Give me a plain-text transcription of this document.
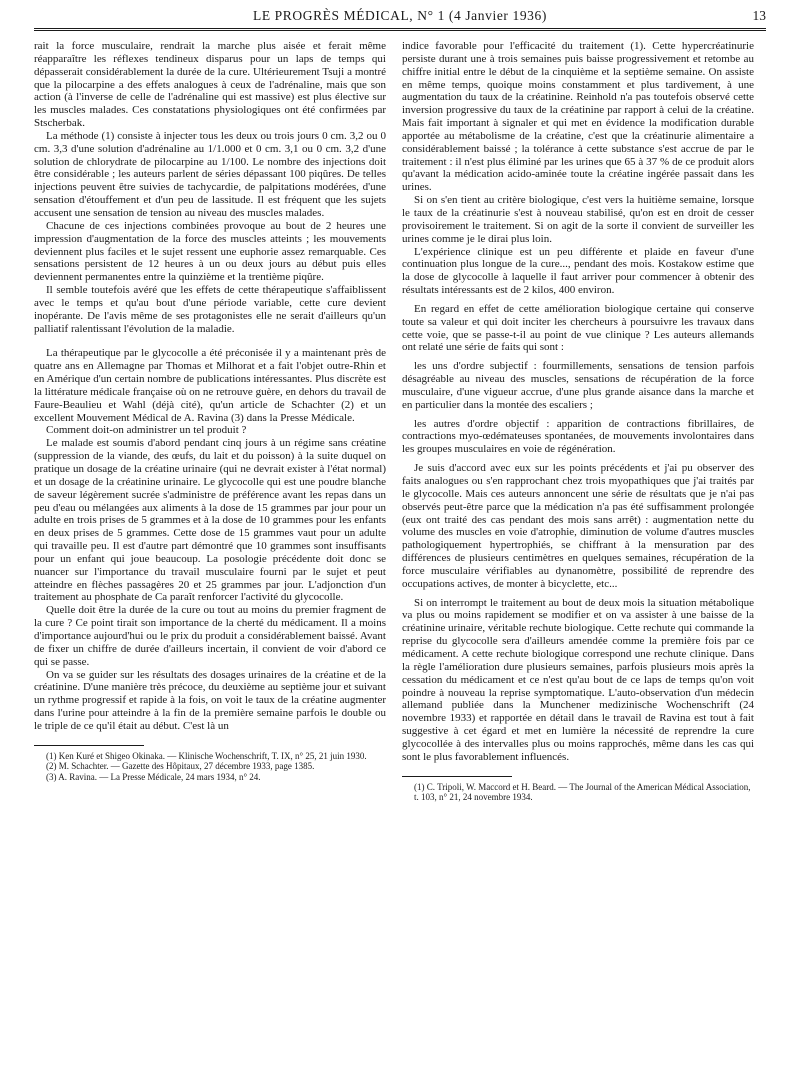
LE PROGRÈS MÉDICAL, N° 1 (4 Janvier 1936)	13

rait la force musculaire, rendrait la marche plus aisée et ferait même réapparaître les réflexes tendineux disparus pour un laps de temps qui dépasserait considérablement la durée de la cure. Ultérieurement Tsuji a montré que la pilocarpine a des effets analogues à ceux de l'adrénaline, mais que son action (à l'inverse de celle de l'adrénaline qui est massive) est plus élective sur les muscles malades. Ces constatations physiologiques ont été confirmées par Stscherbak.

La méthode (1) consiste à injecter tous les deux ou trois jours 0 cm. 3,2 ou 0 cm. 3,3 d'une solution d'adrénaline au 1/1.000 et 0 cm. 3,1 ou 0 cm. 3,2 d'une solution de chlorydrate de pilocarpine au 1/100. Le nombre des injections doit être considérable ; les auteurs parlent de séries dépassant 100 piqûres. De telles injections peuvent être suivies de tachycardie, de palpitations modérées, d'une sensation d'étouffement et d'un peu de lassitude. Il est fréquent que les sujets accusent une sensation de tension au niveau des muscles malades.

Chacune de ces injections combinées provoque au bout de 2 heures une impression d'augmentation de la force des muscles atteints ; les mouvements deviennent plus faciles et le sujet ressent une euphorie assez remarquable. Ces sensations persistent de 12 heures à un ou deux jours au début puis elles deviennent permanentes entre la quinzième et la trentième piqûre.

Il semble toutefois avéré que les effets de cette thérapeutique s'affaiblissent avec le temps et qu'au bout d'une période variable, cette cure devient inopérante. De l'avis même de ses protagonistes elle ne serait d'ailleurs qu'un palliatif ralentissant l'évolution de la maladie.

La thérapeutique par le glycocolle a été préconisée il y a maintenant près de quatre ans en Allemagne par Thomas et Milhorat et a fait l'objet outre-Rhin et en Amérique d'un certain nombre de publications intéressantes. Plus discrète est la littérature médicale française où on ne retrouve guère, en dehors du travail de Faure-Beaulieu et Wahl (déjà cité), qu'un article de Schachter (2) et un excellent Mouvement Médical de A. Ravina (3) dans la Presse Médicale.

Comment doit-on administrer un tel produit ?

Le malade est soumis d'abord pendant cinq jours à un régime sans créatine (suppression de la viande, des œufs, du lait et du poisson) à la suite duquel on pratique un dosage de la créatine urinaire (qui ne devrait exister à l'état normal) et un dosage de la créatinine urinaire. Le glycocolle qui est une poudre blanche de saveur légèrement sucrée s'administre de préférence avant les repas dans un peu d'eau ou mélangées aux aliments à la dose de 15 grammes par jour pour un adulte en trois prises de 5 grammes et à la dose de 10 grammes pour les enfants en deux prises de 5 grammes. Cette dose de 15 grammes vaut pour un adulte qui travaille peu. Il est d'autre part démontré que 10 grammes sont insuffisants pour un enfant qui joue beaucoup. La posologie précédente doit donc se nuancer sur l'importance du travail musculaire fourni par le sujet et peut atteindre en flèches passagères 20 et 25 grammes par jour. L'adjonction d'un traitement au phosphate de Ca paraît renforcer l'activité du glycocolle.

Quelle doit être la durée de la cure ou tout au moins du premier fragment de la cure ? Ce point tirait son importance de la cherté du médicament. Il a moins d'importance aujourd'hui ou le prix du produit a considérablement baissé. Avant de fixer un chiffre de durée d'ailleurs incertain, il convient de voir d'abord ce qui se passe.

On va se guider sur les résultats des dosages urinaires de la créatine et de la créatinine. D'une manière très précoce, du deuxième au septième jour et suivant un rythme progressif et rapide à la fois, on voit le taux de la créatine augmenter dans l'urine pour atteindre à la fin de la première semaine parfois le double ou le triple de ce qu'il était au début. C'est là un

(1) Ken Kuré et Shigeo Okinaka. — Klinische Wochenschrift, T. IX, n° 25, 21 juin 1930.

(2) M. Schachter. — Gazette des Hôpitaux, 27 décembre 1933, page 1385.

(3) A. Ravina. — La Presse Médicale, 24 mars 1934, n° 24.

indice favorable pour l'efficacité du traitement (1). Cette hypercréatinurie persiste durant une à trois semaines puis baisse progressivement et retombe au chiffre initial entre le début de la cinquième et la septième semaine. On assiste en même temps, quoique moins constamment et plus tardivement, à une augmentation du taux de la créatinine. Reinhold n'a pas toutefois observé cette inversion progressive du taux de la créatinine par rapport à celui de la créatine. Mais fait important à signaler et qui met en évidence la modification durable apportée au métabolisme de la créatine, c'est que la créatinurie alimentaire a considérablement baissé ; la tolérance à cette substance s'est accrue de par le traitement : il n'est plus éliminé par les urines que 65 à 37 % de ce produit alors qu'avant la médication acido-aminée toute la créatine ingérée passait dans les urines.

Si on s'en tient au critère biologique, c'est vers la huitième semaine, lorsque le taux de la créatinurie s'est à nouveau stabilisé, qu'on est en droit de cesser provisoirement le traitement. Si on agit de la sorte il convient de surveiller les urines comme je le dirai plus loin.

L'expérience clinique est un peu différente et plaide en faveur d'une continuation plus longue de la cure..., pendant des mois. Kostakow estime que la dose de glycocolle à laquelle il faut arriver pour commencer à obtenir des résultats intéressants est de 2 kilos, 400 environ.

En regard en effet de cette amélioration biologique certaine qui conserve toute sa valeur et qui doit inciter les chercheurs à poursuivre les travaux dans cette voie, que se passe-t-il au point de vue clinique ? Les auteurs allemands ont relaté une série de faits qui sont :

les uns d'ordre subjectif : fourmillements, sensations de tension parfois désagréable au niveau des muscles, sensations de récupération de la force musculaire, d'une vigueur accrue, d'une plus grande aisance dans la marche et en particulier dans la montée des escaliers ;

les autres d'ordre objectif : apparition de contractions fibrillaires, de contractions myo-œdémateuses spontanées, de mouvements involontaires dans les groupes musculaires en voie de régénération.

Je suis d'accord avec eux sur les points précédents et j'ai pu observer des faits analogues ou s'en rapprochant chez trois myopathiques que j'ai traités par le glycocolle. Mais ces auteurs annoncent une série de résultats que je n'ai pas observés peut-être parce que la médication n'a pas été suffisamment prolongée (eux ont traité des cas pendant des mois sans arrêt) : augmentation nette du volume des muscles en voie d'atrophie, diminution de volume d'autres muscles pathologiquement hypertrophiés, se chiffrant à la mensuration par des différences de plusieurs centimètres en quelques semaines, récupération de la force musculaire vérifiables au dynanomètre, possibilité de reprendre des occupations actives, de monter à bicyclette, etc...

Si on interrompt le traitement au bout de deux mois la situation métabolique va plus ou moins rapidement se modifier et on va assister à une baisse de la créatinine urinaire, véritable rechute biologique. Cette rechute qui commande la reprise du glycocolle sera d'ailleurs amendée comme la première fois par ce médicament. A cette rechute biologique correspond une rechute clinique. Dans la règle l'amélioration dure plusieurs semaines, parfois plusieurs mois après la cessation du médicament et ce n'est qu'au bout de ce laps de temps qu'on voit poindre à nouveau la reprise symptomatique. L'auto-observation d'un médecin allemand publiée dans la Munchener medizinische Wochenschrift (24 novembre 1933) et rapportée en détail dans le travail de Ravina est tout à fait suggestive à cet égard et met en lumière la nécessité de reprendre la cure glycocollée à des intervalles plus ou moins rapprochés, même dans les cas qui sont le plus favorablement influencés.

(1) C. Tripoli, W. Maccord et H. Beard. — The Journal of the American Médical Association, t. 103, n° 21, 24 novembre 1934.
